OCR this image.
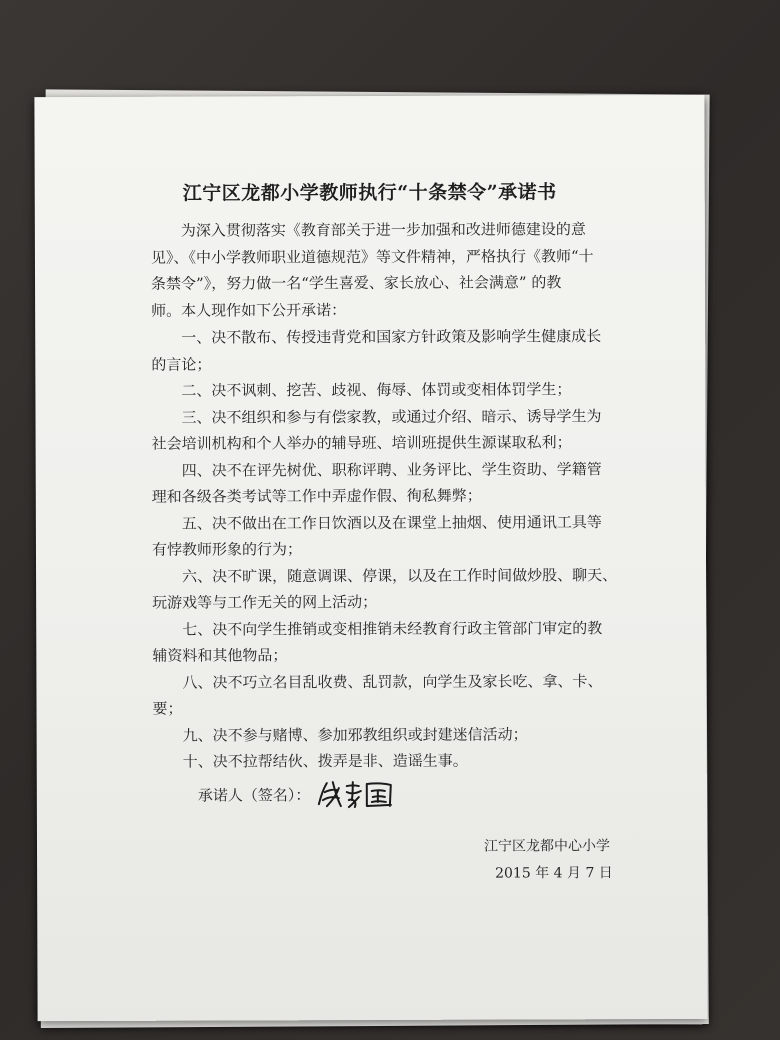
江宁区龙都小学教师执行“十条禁令”承诺书
　　为深入贯彻落实《教育部关于进一步加强和改进师德建设的意
见》、《中小学教师职业道德规范》等文件精神，严格执行《教师“十
条禁令”》，努力做一名“学生喜爱、家长放心、社会满意” 的教
师。本人现作如下公开承诺：
　　一、决不散布、传授违背党和国家方针政策及影响学生健康成长
的言论；
　　二、决不讽刺、挖苦、歧视、侮辱、体罚或变相体罚学生；
　　三、决不组织和参与有偿家教，或通过介绍、暗示、诱导学生为
社会培训机构和个人举办的辅导班、培训班提供生源谋取私利；
　　四、决不在评先树优、职称评聘、业务评比、学生资助、学籍管
理和各级各类考试等工作中弄虚作假、徇私舞弊；
　　五、决不做出在工作日饮酒以及在课堂上抽烟、使用通讯工具等
有悖教师形象的行为；
　　六、决不旷课，随意调课、停课，以及在工作时间做炒股、聊天、
玩游戏等与工作无关的网上活动；
　　七、决不向学生推销或变相推销未经教育行政主管部门审定的教
辅资料和其他物品；
　　八、决不巧立名目乱收费、乱罚款，向学生及家长吃、拿、卡、
要；
　　九、决不参与赌博、参加邪教组织或封建迷信活动；
　　十、决不拉帮结伙、拨弄是非、造谣生事。
承诺人（签名）：
江宁区龙都中心小学
2015 年 4 月 7 日
